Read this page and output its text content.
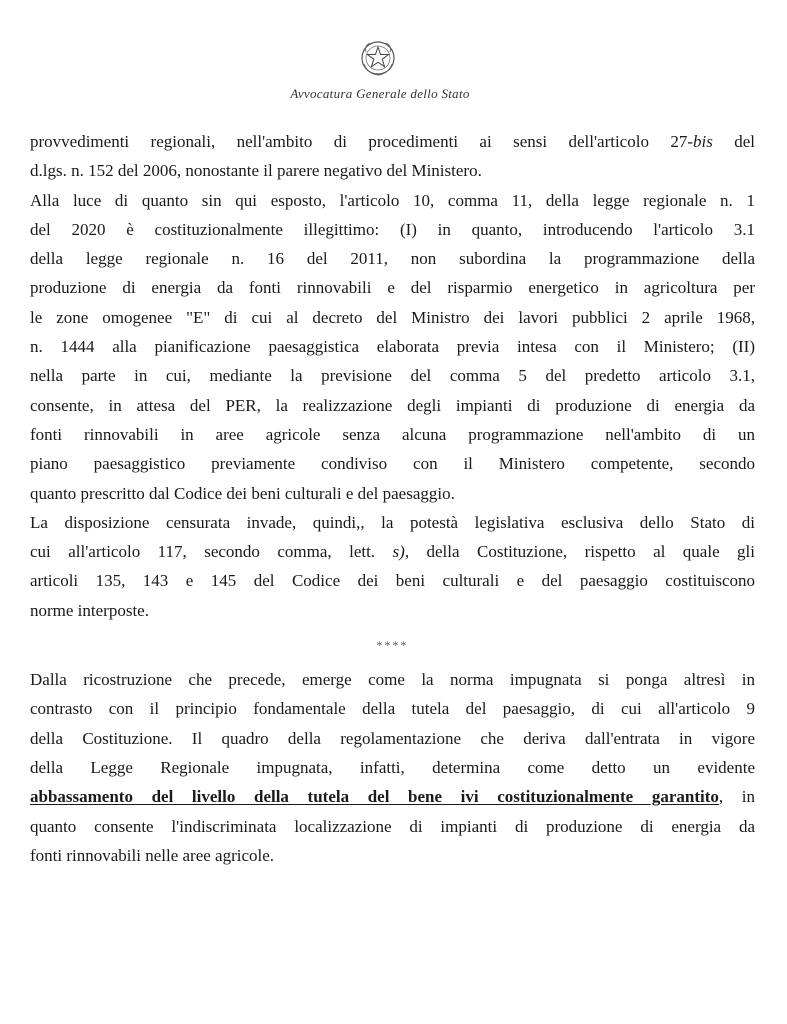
Avvocatura Generale dello Stato
provvedimenti regionali, nell'ambito di procedimenti ai sensi dell'articolo 27-bis del
d.lgs. n. 152 del 2006, nonostante il parere negativo del Ministero.
Alla luce di quanto sin qui esposto, l'articolo 10, comma 11, della legge regionale n. 1
del 2020 è costituzionalmente illegittimo: (I) in quanto, introducendo l'articolo 3.1
della legge regionale n. 16 del 2011, non subordina la programmazione della
produzione di energia da fonti rinnovabili e del risparmio energetico in agricoltura per
le zone omogenee "E" di cui al decreto del Ministro dei lavori pubblici 2 aprile 1968,
n. 1444 alla pianificazione paesaggistica elaborata previa intesa con il Ministero; (II)
nella parte in cui, mediante la previsione del comma 5 del predetto articolo 3.1,
consente, in attesa del PER, la realizzazione degli impianti di produzione di energia da
fonti rinnovabili in aree agricole senza alcuna programmazione nell'ambito di un
piano paesaggistico previamente condiviso con il Ministero competente, secondo
quanto prescritto dal Codice dei beni culturali e del paesaggio.
La disposizione censurata invade, quindi,, la potestà legislativa esclusiva dello Stato di
cui all'articolo 117, secondo comma, lett. s), della Costituzione, rispetto al quale gli
articoli 135, 143 e 145 del Codice dei beni culturali e del paesaggio costituiscono
norme interposte.
****
Dalla ricostruzione che precede, emerge come la norma impugnata si ponga altresì in
contrasto con il principio fondamentale della tutela del paesaggio, di cui all'articolo 9
della Costituzione. Il quadro della regolamentazione che deriva dall'entrata in vigore
della Legge Regionale impugnata, infatti, determina come detto un evidente
abbassamento del livello della tutela del bene ivi costituzionalmente garantito, in
quanto consente l'indiscriminata localizzazione di impianti di produzione di energia da
fonti rinnovabili nelle aree agricole.
